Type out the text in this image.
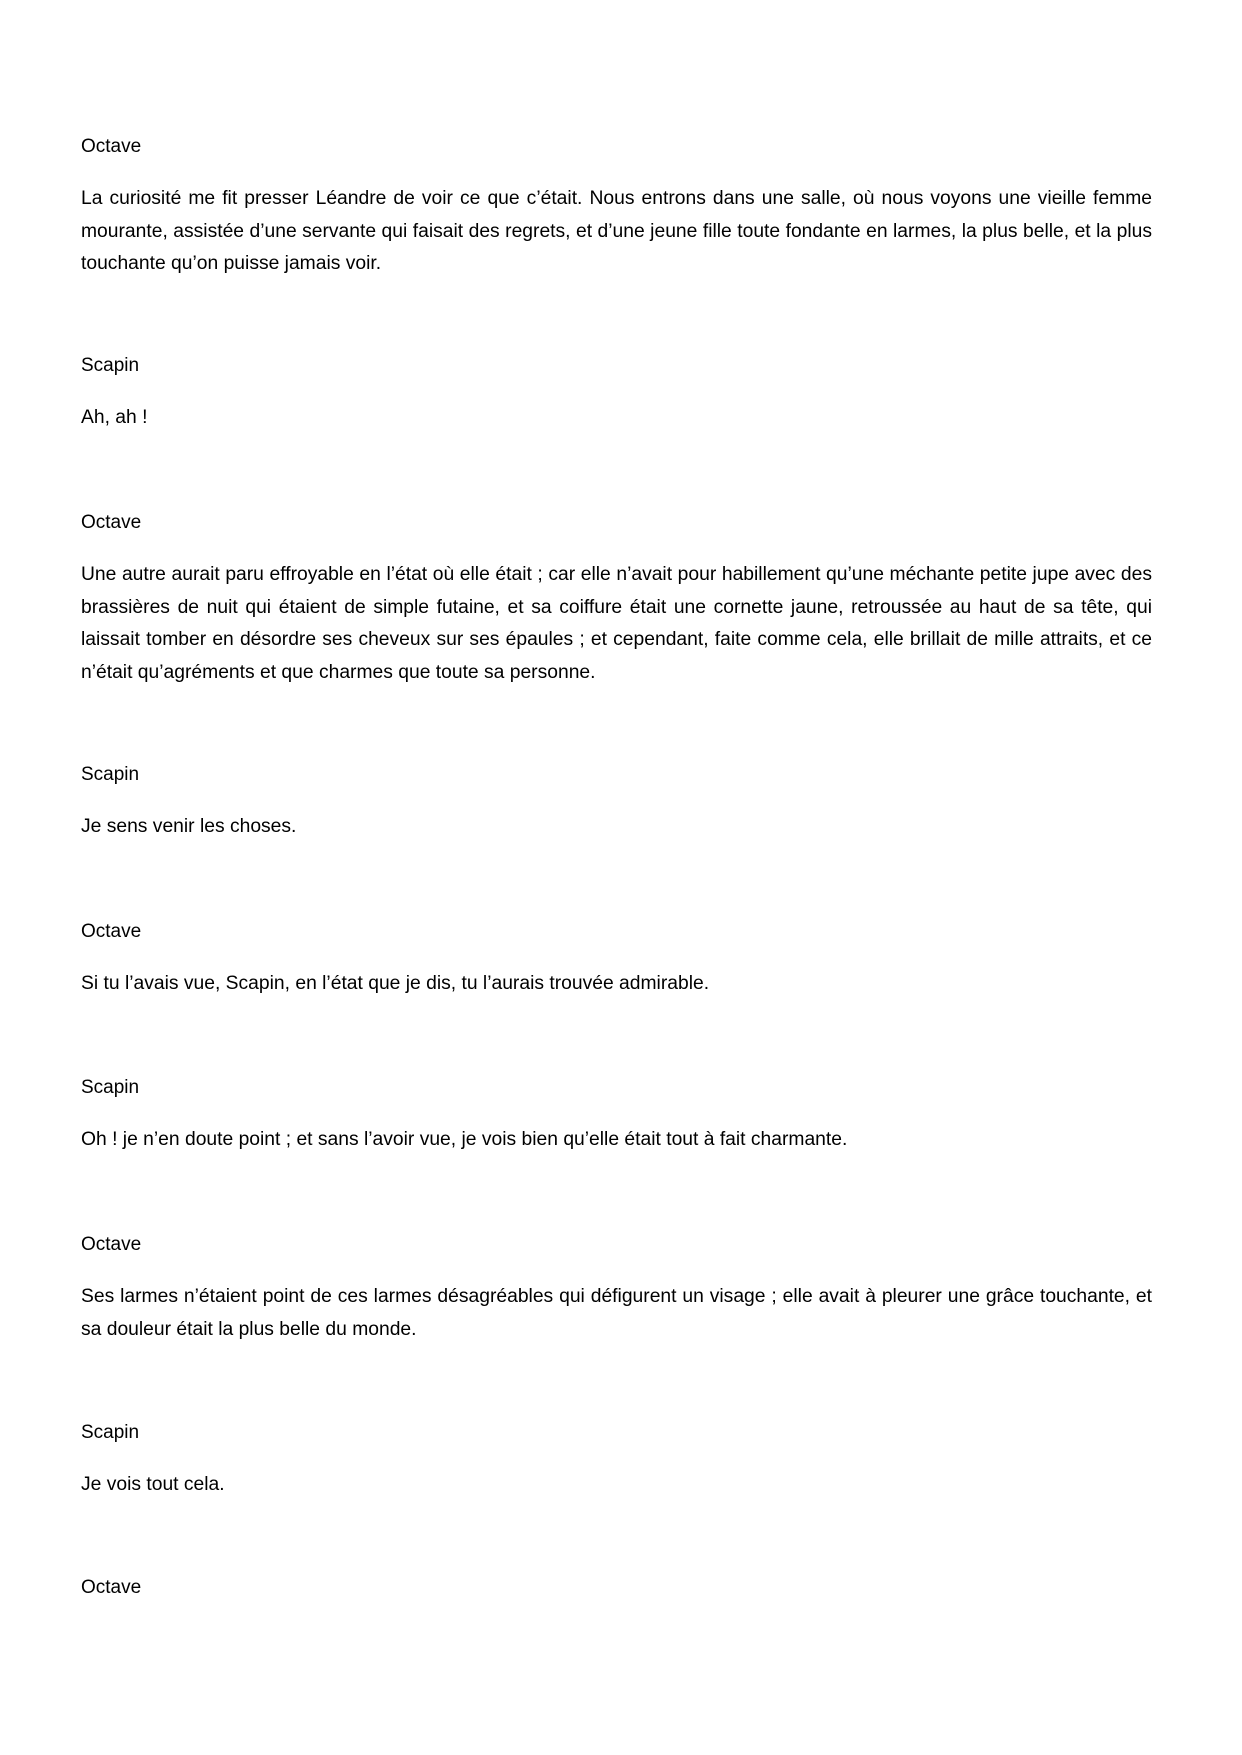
Octave
La curiosité me fit presser Léandre de voir ce que c’était. Nous entrons dans une salle, où nous voyons une vieille femme mourante, assistée d’une servante qui faisait des regrets, et d’une jeune fille toute fondante en larmes, la plus belle, et la plus touchante qu’on puisse jamais voir.
Scapin
Ah, ah !
Octave
Une autre aurait paru effroyable en l’état où elle était ; car elle n’avait pour habillement qu’une méchante petite jupe avec des brassières de nuit qui étaient de simple futaine, et sa coiffure était une cornette jaune, retroussée au haut de sa tête, qui laissait tomber en désordre ses cheveux sur ses épaules ; et cependant, faite comme cela, elle brillait de mille attraits, et ce n’était qu’agréments et que charmes que toute sa personne.
Scapin
Je sens venir les choses.
Octave
Si tu l’avais vue, Scapin, en l’état que je dis, tu l’aurais trouvée admirable.
Scapin
Oh ! je n’en doute point ; et sans l’avoir vue, je vois bien qu’elle était tout à fait charmante.
Octave
Ses larmes n’étaient point de ces larmes désagréables qui défigurent un visage ; elle avait à pleurer une grâce touchante, et sa douleur était la plus belle du monde.
Scapin
Je vois tout cela.
Octave
